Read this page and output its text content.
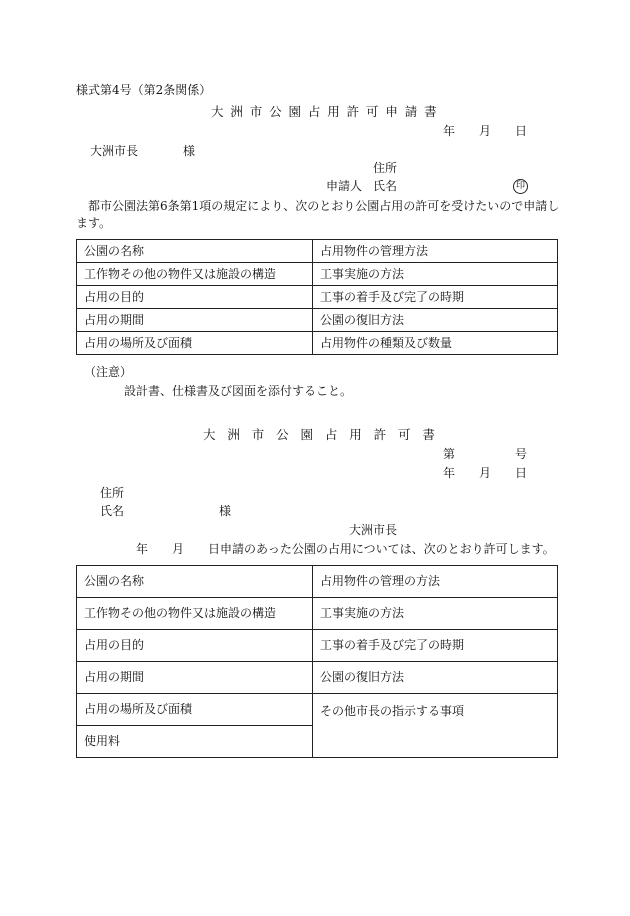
様式第4号（第2条関係）
大洲市公園占用許可申請書
年 月 日
大洲市長	様
住所
申請人 氏名	印
都市公園法第6条第1項の規定により、次のとおり公園占用の許可を受けたいので申請します。
公園の名称	占用物件の管理方法
工作物その他の物件又は施設の構造	工事実施の方法
占用の目的	工事の着手及び完了の時期
占用の期間	公園の復旧方法
占用の場所及び面積	占用物件の種類及び数量
（注意）
設計書、仕様書及び図面を添付すること。
大洲市公園占用許可書
第	号
年 月 日
住所
氏名	様
大洲市長
年 月 日申請のあった公園の占用については、次のとおり許可します。
公園の名称	占用物件の管理の方法
工作物その他の物件又は施設の構造	工事実施の方法
占用の目的	工事の着手及び完了の時期
占用の期間	公園の復旧方法
占用の場所及び面積	その他市長の指示する事項
使用料	
